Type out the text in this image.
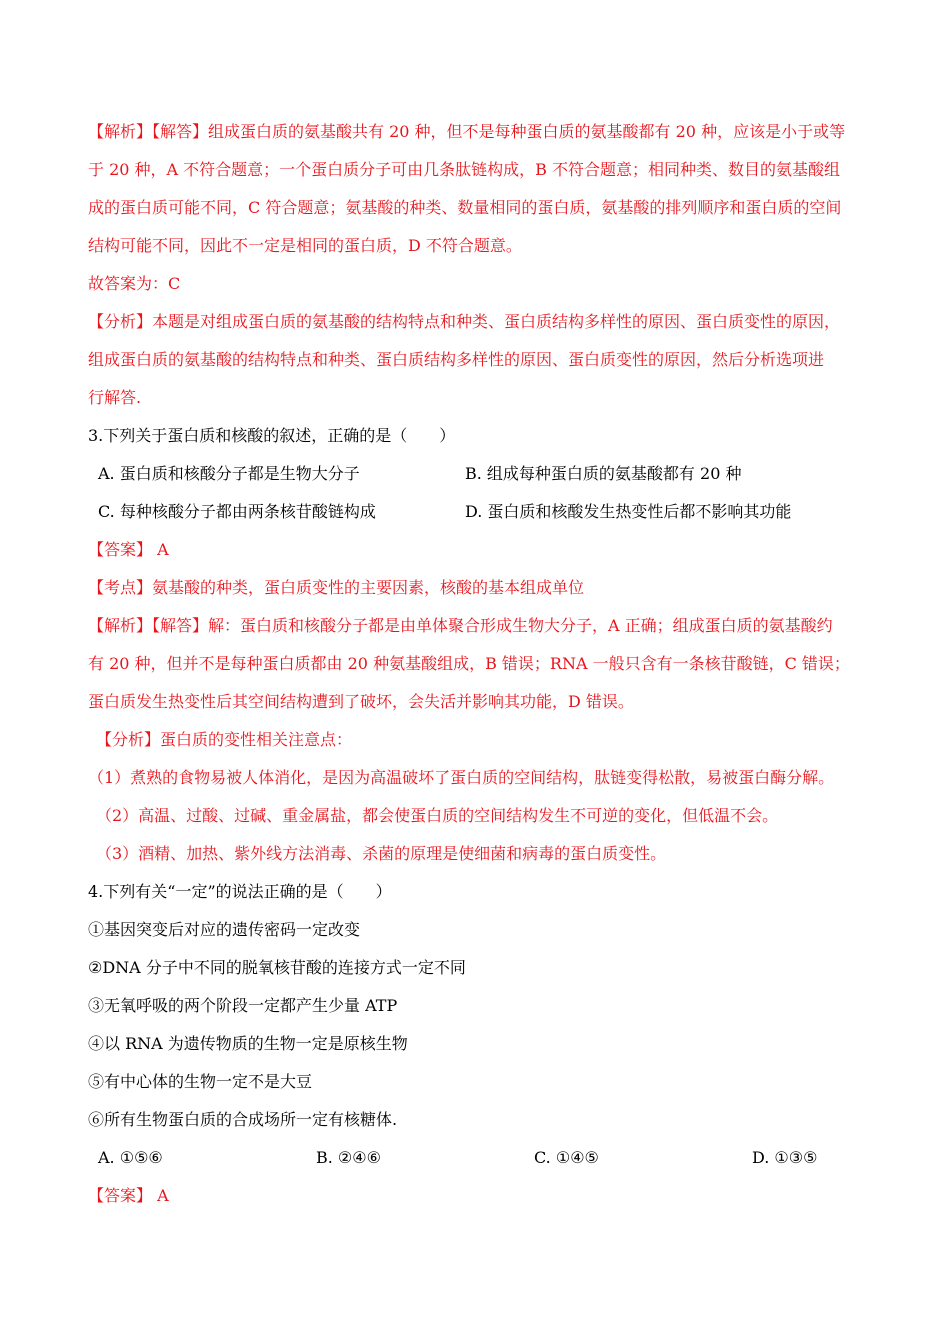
【解析】【解答】组成蛋白质的氨基酸共有 20 种，但不是每种蛋白质的氨基酸都有 20 种，应该是小于或等
于 20 种，A 不符合题意；一个蛋白质分子可由几条肽链构成，B 不符合题意；相同种类、数目的氨基酸组
成的蛋白质可能不同，C 符合题意；氨基酸的种类、数量相同的蛋白质，氨基酸的排列顺序和蛋白质的空间
结构可能不同，因此不一定是相同的蛋白质，D 不符合题意。
故答案为：C
【分析】本题是对组成蛋白质的氨基酸的结构特点和种类、蛋白质结构多样性的原因、蛋白质变性的原因，
组成蛋白质的氨基酸的结构特点和种类、蛋白质结构多样性的原因、蛋白质变性的原因，然后分析选项进
行解答.
3.下列关于蛋白质和核酸的叙述，正确的是（　　）
A. 蛋白质和核酸分子都是生物大分子	B. 组成每种蛋白质的氨基酸都有 20 种
C. 每种核酸分子都由两条核苷酸链构成	D. 蛋白质和核酸发生热变性后都不影响其功能
【答案】 A
【考点】氨基酸的种类，蛋白质变性的主要因素，核酸的基本组成单位
【解析】【解答】解：蛋白质和核酸分子都是由单体聚合形成生物大分子，A 正确；组成蛋白质的氨基酸约
有 20 种，但并不是每种蛋白质都由 20 种氨基酸组成，B 错误；RNA 一般只含有一条核苷酸链，C 错误；
蛋白质发生热变性后其空间结构遭到了破坏，会失活并影响其功能，D 错误。
【分析】蛋白质的变性相关注意点：
（1）煮熟的食物易被人体消化，是因为高温破坏了蛋白质的空间结构，肽链变得松散，易被蛋白酶分解。
（2）高温、过酸、过碱、重金属盐，都会使蛋白质的空间结构发生不可逆的变化，但低温不会。
（3）酒精、加热、紫外线方法消毒、杀菌的原理是使细菌和病毒的蛋白质变性。
4.下列有关“一定”的说法正确的是（　　）
①基因突变后对应的遗传密码一定改变
②DNA 分子中不同的脱氧核苷酸的连接方式一定不同
③无氧呼吸的两个阶段一定都产生少量 ATP
④以 RNA 为遗传物质的生物一定是原核生物
⑤有中心体的生物一定不是大豆
⑥所有生物蛋白质的合成场所一定有核糖体.
A. ①⑤⑥	B. ②④⑥	C. ①④⑤	D. ①③⑤
【答案】 A
